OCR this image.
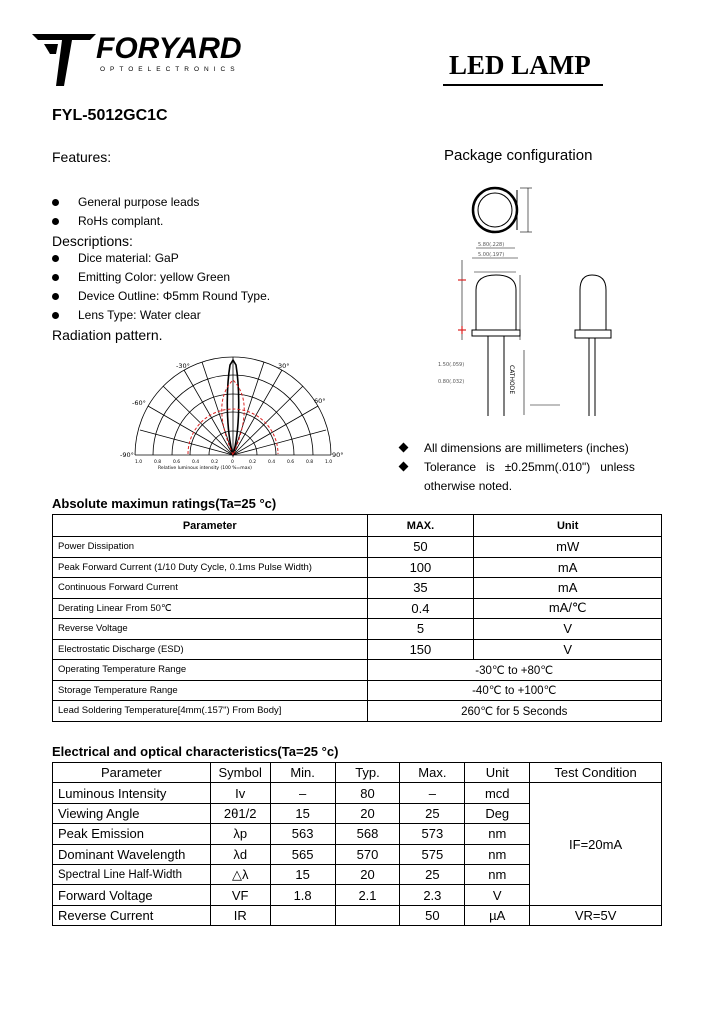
FORYARD
OPTOELECTRONICS	LED LAMP
FYL-5012GC1C
Features:
General purpose leads
RoHs complant.
Descriptions:
Dice material: GaP
Emitting Color: yellow Green
Device Outline: Φ5mm Round Type.
Lens Type: Water clear
Radiation pattern.
-30°	30°
-60°	60°
-90°	90°
1.0	0.8	0.6	0.4	0.2	0	0.2	0.4	0.6	0.8	1.0
Relative luminous intensity (100 %=max)
Package configuration
5.80(.228)
5.00(.197)
1.50(.059)
0.80(.032)	CATHODE
All dimensions are millimeters (inches)
Tolerance   is   ±0.25mm(.010")   unless
otherwise noted.
Absolute maximun ratings(Ta=25 °c)
Parameter	MAX.	Unit
Power Dissipation	50	mW
Peak Forward Current (1/10 Duty Cycle, 0.1ms Pulse Width)	100	mA
Continuous Forward Current	35	mA
Derating Linear From 50℃	0.4	mA/℃
Reverse Voltage	5	V
Electrostatic Discharge (ESD)	150	V
Operating Temperature Range	-30℃ to +80℃	
Storage Temperature Range	-40℃ to +100℃	
Lead Soldering Temperature[4mm(.157") From Body]	260℃ for 5 Seconds	
Electrical and optical characteristics(Ta=25 °c)
Parameter	Symbol	Min.	Typ.	Max.	Unit	Test Condition
Luminous Intensity	Iv	–	80	–	mcd	IF=20mA
Viewing Angle	2θ1/2	15	20	25	Deg	
Peak Emission	λp	563	568	573	nm	
Dominant Wavelength	λd	565	570	575	nm	
Spectral Line Half-Width	△λ	15	20	25	nm	
Forward Voltage	VF	1.8	2.1	2.3	V	
Reverse Current	IR			50	µA	VR=5V
